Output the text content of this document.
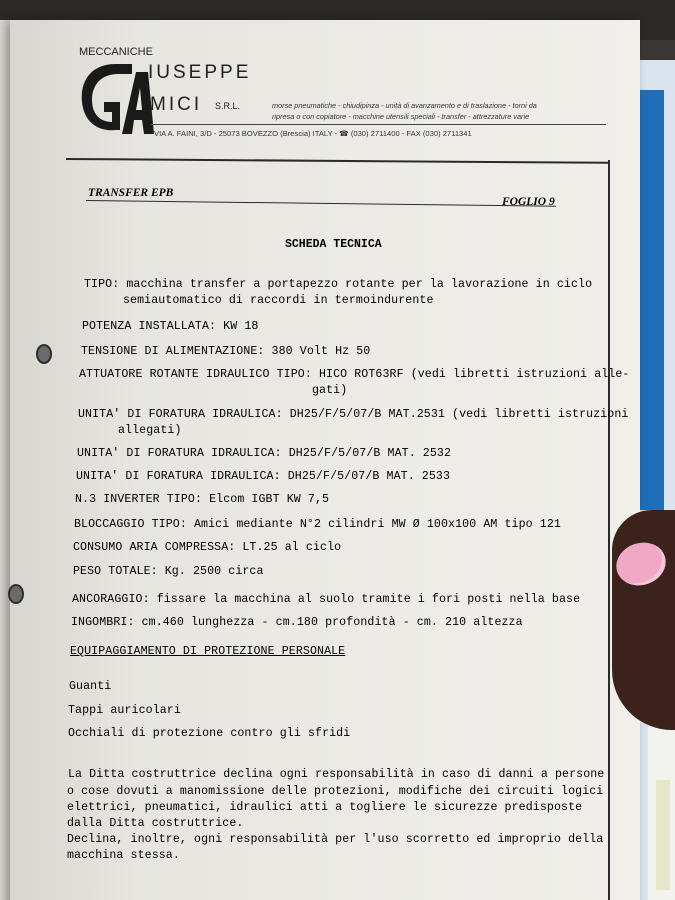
MECCANICHE
IUSEPPE
MICI S.R.L.	morse pneumatiche - chiudipinza - unità di avanzamento e di traslazione - torni da
ripresa o con copiatore - macchine utensili speciali - transfer - attrezzature varie
VIA A. FAINI, 3/D - 25073 BOVEZZO (Brescia) ITALY - ☎ (030) 2711400 - FAX (030) 2711341
TRANSFER EPB
FOGLIO 9
SCHEDA TECNICA
TIPO: macchina transfer a portapezzo rotante per la lavorazione in ciclo
semiautomatico di raccordi in termoindurente
POTENZA INSTALLATA: KW 18
TENSIONE DI ALIMENTAZIONE: 380 Volt Hz 50
ATTUATORE ROTANTE IDRAULICO TIPO: HICO ROT63RF (vedi libretti istruzioni alle-
gati)
UNITA' DI FORATURA IDRAULICA: DH25/F/5/07/B MAT.2531 (vedi libretti istruzioni
allegati)
UNITA' DI FORATURA IDRAULICA: DH25/F/5/07/B MAT. 2532
UNITA' DI FORATURA IDRAULICA: DH25/F/5/07/B MAT. 2533
N.3 INVERTER TIPO: Elcom IGBT KW 7,5
BLOCCAGGIO TIPO: Amici mediante N°2 cilindri MW Ø 100x100 AM tipo 121
CONSUMO ARIA COMPRESSA: LT.25 al ciclo
PESO TOTALE: Kg. 2500 circa
ANCORAGGIO: fissare la macchina al suolo tramite i fori posti nella base
INGOMBRI: cm.460 lunghezza - cm.180 profondità - cm. 210 altezza
EQUIPAGGIAMENTO DI PROTEZIONE PERSONALE
Guanti
Tappi auricolari
Occhiali di protezione contro gli sfridi
La Ditta costruttrice declina ogni responsabilità in caso di danni a persone
o cose dovuti a manomissione delle protezioni, modifiche dei circuiti logici
elettrici, pneumatici, idraulici atti a togliere le sicurezze predisposte
dalla Ditta costruttrice.
Declina, inoltre, ogni responsabilità per l'uso scorretto ed improprio della
macchina stessa.
